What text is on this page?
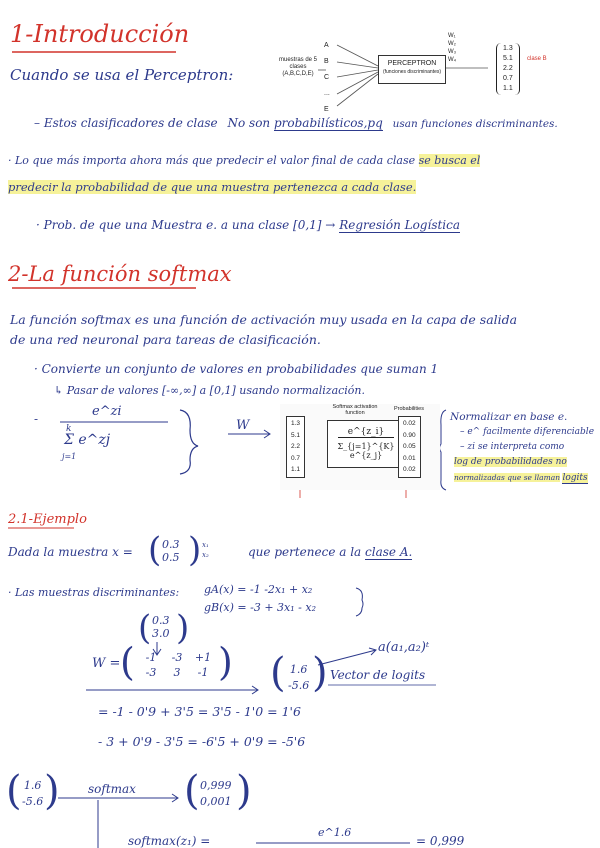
1-Introducción
muestras de 5 clases (A,B,C,D,E)
A
B
C
...
E
PERCEPTRON
(funciones discriminantes)
W₁
W₂
W₃
W₄
1.3
5.1
2.2
0.7
1.1
clase B
Cuando se usa el Perceptron:
– Estos clasificadores de clase No son probabilísticos,pq usan funciones discriminantes.
· Lo que más importa ahora más que predecir el valor final de cada clase se busca el
predecir la probabilidad de que una muestra pertenezca a cada clase.
· Prob. de que una Muestra e. a una clase [0,1] → Regresión Logística
2-La función softmax
La función softmax es una función de activación muy usada en la capa de salida
de una red neuronal para tareas de clasificación.
· Convierte un conjunto de valores en probabilidades que suman 1
↳ Pasar de valores [-∞,∞] a [0,1] usando normalización.
-	e^zi
k
Σ e^zj
j=1
W	1.3
5.1
2.2
0.7
1.1
Softmax activation function
$\frac{e\^{}\{z\_i\}}{\Sigma\_\{j=1\}\^{}\{K\} e\^{}\{z\_j\}}$
Probabilities
0.02
0.90
0.05
0.01
0.02
Normalizar en base e.
– e^ facilmente diferenciable
– zi se interpreta como
log de probabilidades no
normalizadas que se llaman logits
2.1-Ejemplo
Dada la muestra x = ( 0.3
0.5 ) x₁
x₂	que pertenece a la clase A.
· Las muestras discriminantes: gA(x) = -1 -2x₁ + x₂
gB(x) = -3 + 3x₁ - x₂
( 0.3
3.0 )
W = ( -1 -3 +1
-3 3 -1 ) ( 1.6
-5.6 ) Vector de logits
a(a₁,a₂)ᵗ
= -1 - 0'9 + 3'5 = 3'5 - 1'0 = 1'6
- 3 + 0'9 - 3'5 = -6'5 + 0'9 = -5'6
( 1.6
-5.6 ) softmax ( 0,999
0,001 )
softmax(z₁) =
e^1.6
= 0,999
